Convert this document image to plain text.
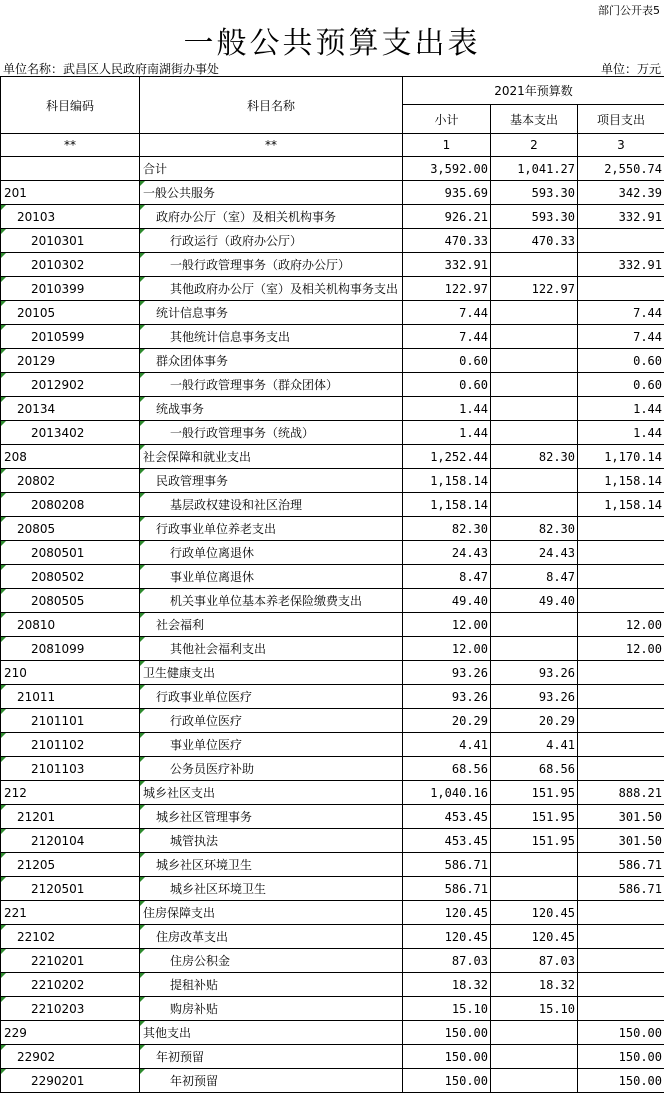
部门公开表5
一般公共预算支出表
单位名称：武昌区人民政府南湖街办事处	单位：万元
科目编码	科目名称	2021年预算数		
		小计	基本支出	项目支出
**	**	1	2	3
	合计	3,592.00	1,041.27	2,550.74
201	一般公共服务	935.69	593.30	342.39
20103	政府办公厅（室）及相关机构事务	926.21	593.30	332.91
2010301	行政运行（政府办公厅）	470.33	470.33	
2010302	一般行政管理事务（政府办公厅）	332.91		332.91
2010399	其他政府办公厅（室）及相关机构事务支出	122.97	122.97	
20105	统计信息事务	7.44		7.44
2010599	其他统计信息事务支出	7.44		7.44
20129	群众团体事务	0.60		0.60
2012902	一般行政管理事务（群众团体）	0.60		0.60
20134	统战事务	1.44		1.44
2013402	一般行政管理事务（统战）	1.44		1.44
208	社会保障和就业支出	1,252.44	82.30	1,170.14
20802	民政管理事务	1,158.14		1,158.14
2080208	基层政权建设和社区治理	1,158.14		1,158.14
20805	行政事业单位养老支出	82.30	82.30	
2080501	行政单位离退休	24.43	24.43	
2080502	事业单位离退休	8.47	8.47	
2080505	机关事业单位基本养老保险缴费支出	49.40	49.40	
20810	社会福利	12.00		12.00
2081099	其他社会福利支出	12.00		12.00
210	卫生健康支出	93.26	93.26	
21011	行政事业单位医疗	93.26	93.26	
2101101	行政单位医疗	20.29	20.29	
2101102	事业单位医疗	4.41	4.41	
2101103	公务员医疗补助	68.56	68.56	
212	城乡社区支出	1,040.16	151.95	888.21
21201	城乡社区管理事务	453.45	151.95	301.50
2120104	城管执法	453.45	151.95	301.50
21205	城乡社区环境卫生	586.71		586.71
2120501	城乡社区环境卫生	586.71		586.71
221	住房保障支出	120.45	120.45	
22102	住房改革支出	120.45	120.45	
2210201	住房公积金	87.03	87.03	
2210202	提租补贴	18.32	18.32	
2210203	购房补贴	15.10	15.10	
229	其他支出	150.00		150.00
22902	年初预留	150.00		150.00
2290201	年初预留	150.00		150.00
